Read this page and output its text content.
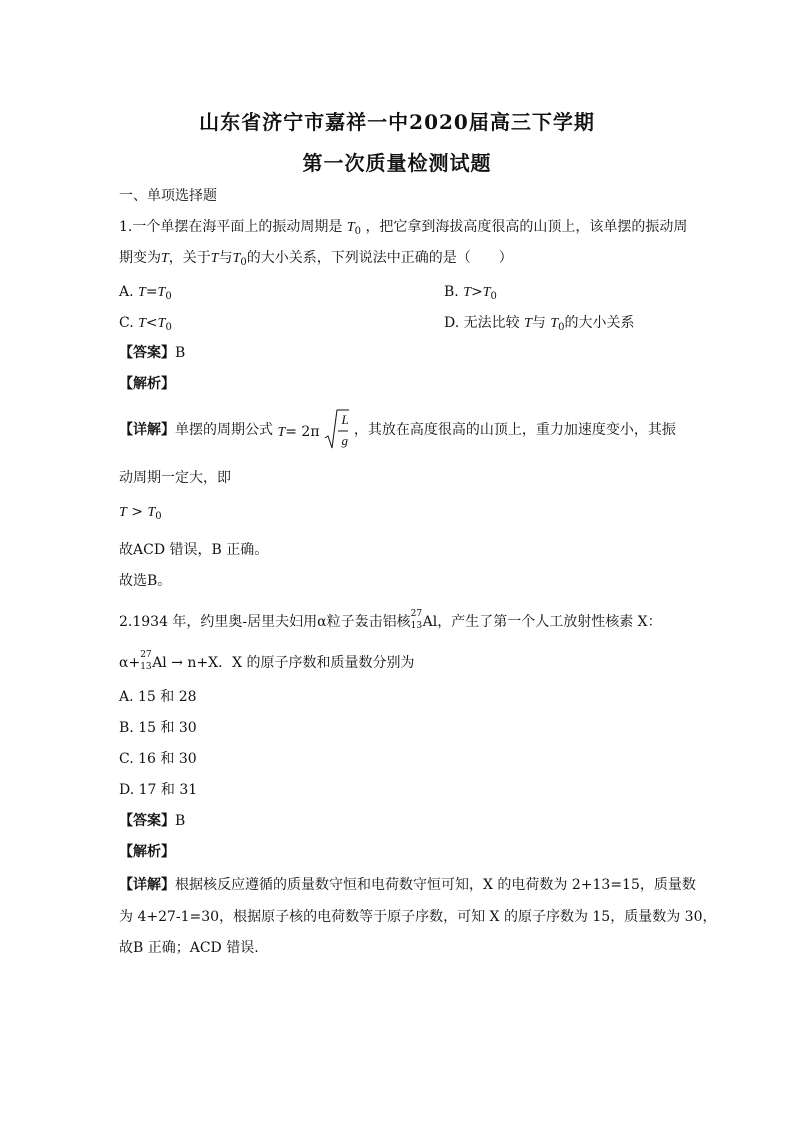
山东省济宁市嘉祥一中2020届高三下学期
第一次质量检测试题
一、单项选择题
1.一个单摆在海平面上的振动周期是 $T_0$ ，把它拿到海拔高度很高的山顶上，该单摆的振动周
期变为T，关于T与$T_0$的大小关系，下列说法中正确的是（　　）
A. $T=T_0$	B. $T>T_0$
C. $T<T_0$	D. 无法比较 T与 $T_0$的大小关系
【答案】B
【解析】
【详解】单摆的周期公式 T= 2π
L
g
，其放在高度很高的山顶上，重力加速度变小，其振
动周期一定大，即
$T > T_0$
故ACD 错误，B 正确。
故选B。
2.1934 年，约里奥-居里夫妇用α粒子轰击铝核 27
13 Al，产生了第一个人工放射性核素 X：
α+ 27
13 Al → n+X．X 的原子序数和质量数分别为
A. 15 和 28
B. 15 和 30
C. 16 和 30
D. 17 和 31
【答案】B
【解析】
【详解】根据核反应遵循的质量数守恒和电荷数守恒可知，X 的电荷数为 2+13=15，质量数
为 4+27-1=30，根据原子核的电荷数等于原子序数，可知 X 的原子序数为 15，质量数为 30，
故B 正确；ACD 错误.
